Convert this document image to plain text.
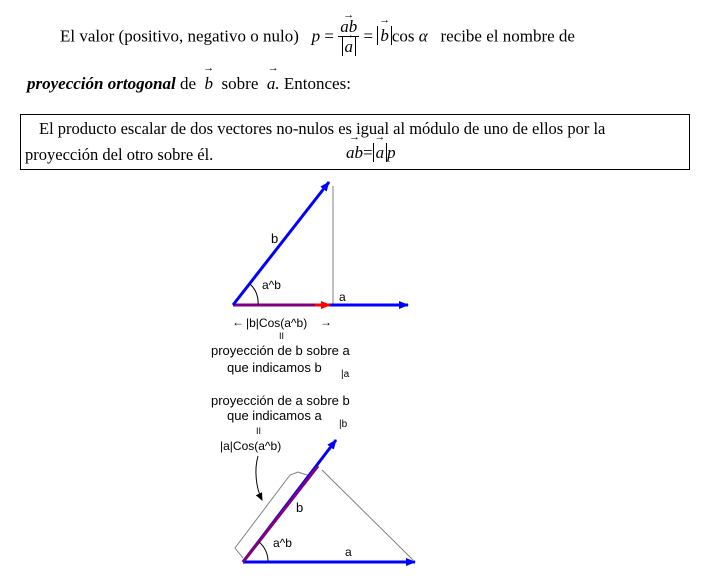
El valor (positivo, negativo o nulo) p = → ab
→ a = → b cos α recibe el nombre de
proyección ortogonal de → b sobre → a. Entonces:
El producto escalar de dos vectores no-nulos es igual al módulo de uno de ellos por la
proyección del otro sobre él.	→ ab= → a p
b
a^b
a
← |b|Cos(a^b) →
II
proyección de b sobre a
que indicamos b |a
proyección de a sobre b
que indicamos a
|b
II
|a|Cos(a^b)
b
a^b
a
